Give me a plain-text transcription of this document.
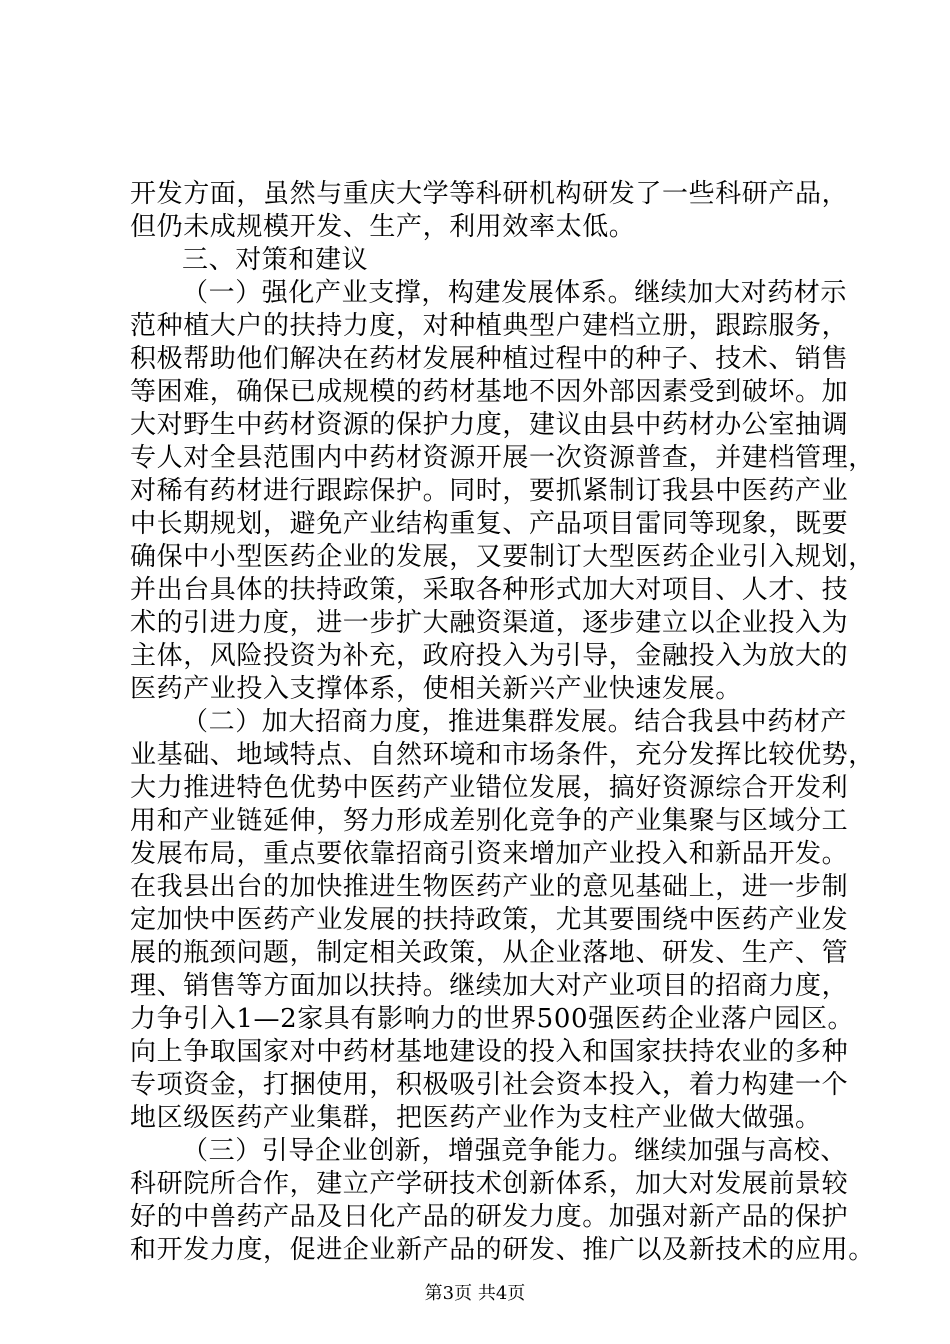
开发方面，虽然与重庆大学等科研机构研发了一些科研产品，
但仍未成规模开发、生产，利用效率太低。
三、对策和建议
（一）强化产业支撑，构建发展体系。继续加大对药材示
范种植大户的扶持力度，对种植典型户建档立册，跟踪服务，
积极帮助他们解决在药材发展种植过程中的种子、技术、销售
等困难，确保已成规模的药材基地不因外部因素受到破坏。加
大对野生中药材资源的保护力度，建议由县中药材办公室抽调
专人对全县范围内中药材资源开展一次资源普查，并建档管理，
对稀有药材进行跟踪保护。同时，要抓紧制订我县中医药产业
中长期规划，避免产业结构重复、产品项目雷同等现象，既要
确保中小型医药企业的发展，又要制订大型医药企业引入规划，
并出台具体的扶持政策，采取各种形式加大对项目、人才、技
术的引进力度，进一步扩大融资渠道，逐步建立以企业投入为
主体，风险投资为补充，政府投入为引导，金融投入为放大的
医药产业投入支撑体系，使相关新兴产业快速发展。
（二）加大招商力度，推进集群发展。结合我县中药材产
业基础、地域特点、自然环境和市场条件，充分发挥比较优势，
大力推进特色优势中医药产业错位发展，搞好资源综合开发利
用和产业链延伸，努力形成差别化竞争的产业集聚与区域分工
发展布局，重点要依靠招商引资来增加产业投入和新品开发。
在我县出台的加快推进生物医药产业的意见基础上，进一步制
定加快中医药产业发展的扶持政策，尤其要围绕中医药产业发
展的瓶颈问题，制定相关政策，从企业落地、研发、生产、管
理、销售等方面加以扶持。继续加大对产业项目的招商力度，
力争引入1—2家具有影响力的世界500强医药企业落户园区。
向上争取国家对中药材基地建设的投入和国家扶持农业的多种
专项资金，打捆使用，积极吸引社会资本投入，着力构建一个
地区级医药产业集群，把医药产业作为支柱产业做大做强。
（三）引导企业创新，增强竞争能力。继续加强与高校、
科研院所合作，建立产学研技术创新体系，加大对发展前景较
好的中兽药产品及日化产品的研发力度。加强对新产品的保护
和开发力度，促进企业新产品的研发、推广以及新技术的应用。
第3页 共4页
